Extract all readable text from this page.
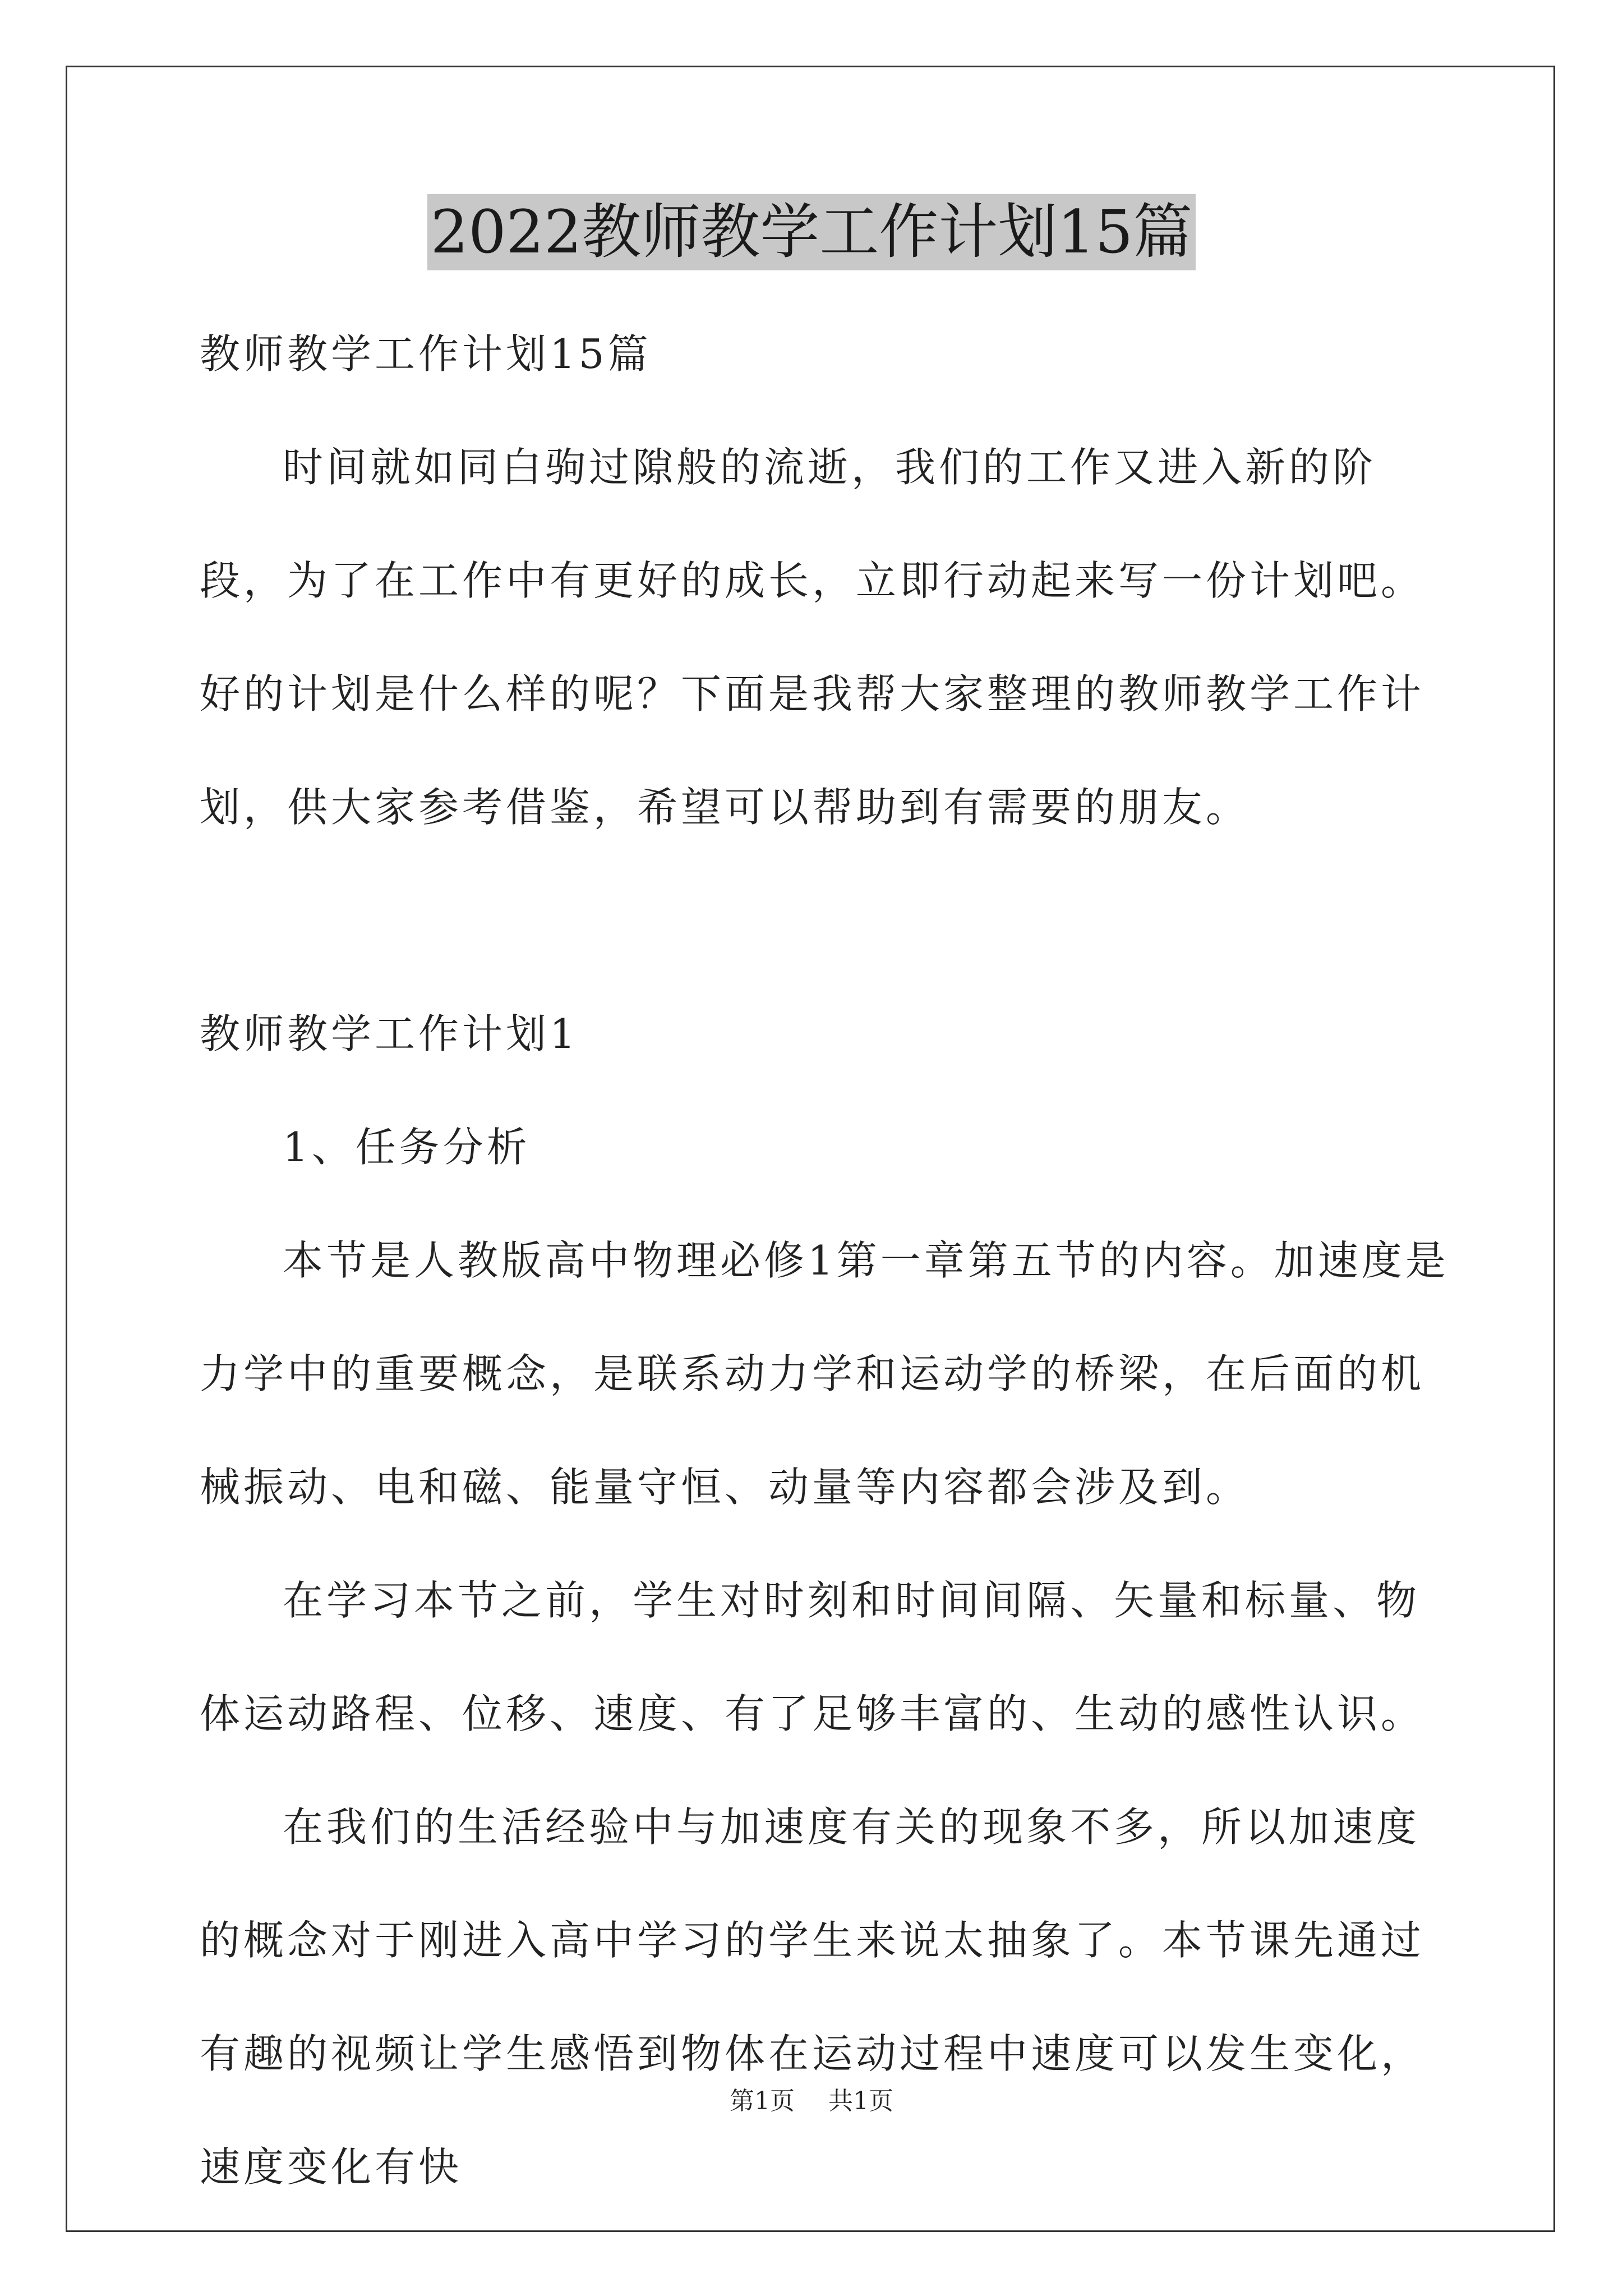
2022教师教学工作计划15篇

教师教学工作计划15篇

时间就如同白驹过隙般的流逝，我们的工作又进入新的阶段，为了在工作中有更好的成长，立即行动起来写一份计划吧。好的计划是什么样的呢？下面是我帮大家整理的教师教学工作计划，供大家参考借鉴，希望可以帮助到有需要的朋友。

教师教学工作计划1

1、任务分析

本节是人教版高中物理必修1第一章第五节的内容。加速度是力学中的重要概念，是联系动力学和运动学的桥梁，在后面的机械振动、电和磁、能量守恒、动量等内容都会涉及到。

在学习本节之前，学生对时刻和时间间隔、矢量和标量、物体运动路程、位移、速度、有了足够丰富的、生动的感性认识。

在我们的生活经验中与加速度有关的现象不多，所以加速度的概念对于刚进入高中学习的学生来说太抽象了。本节课先通过有趣的视频让学生感悟到物体在运动过程中速度可以发生变化，速度变化有快

第1页 共1页
